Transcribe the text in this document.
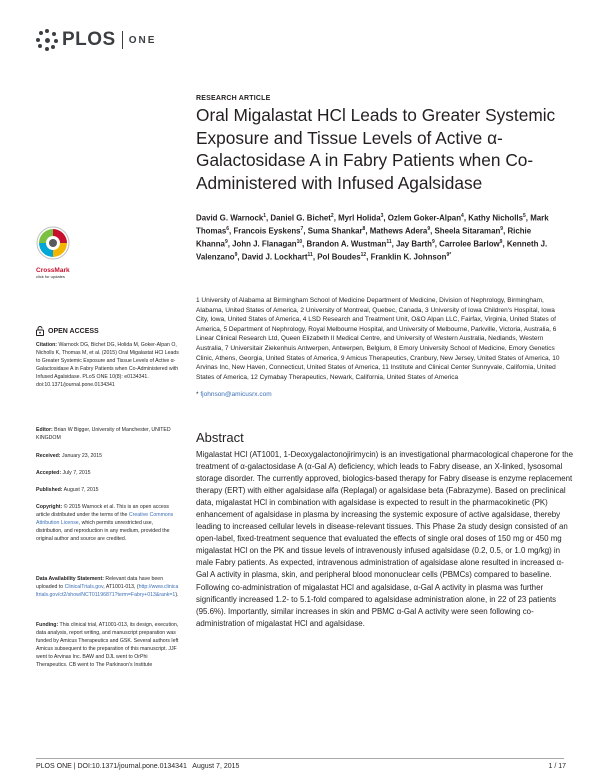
PLOS ONE
RESEARCH ARTICLE
Oral Migalastat HCl Leads to Greater Systemic Exposure and Tissue Levels of Active α-Galactosidase A in Fabry Patients when Co-Administered with Infused Agalsidase
David G. Warnock$^1$, Daniel G. Bichet$^2$, Myrl Holida$^3$, Ozlem Goker-Alpan$^4$, Kathy Nicholls$^5$, Mark Thomas$^6$, Francois Eyskens$^7$, Suma Shankar$^8$, Mathews Adera$^9$, Sheela Sitaraman$^9$, Richie Khanna$^9$, John J. Flanagan$^{10}$, Brandon A. Wustman$^{11}$, Jay Barth$^9$, Carrolee Barlow$^9$, Kenneth J. Valenzano$^9$, David J. Lockhart$^{11}$, Pol Boudes$^{12}$, Franklin K. Johnson$^{9*}$
1 University of Alabama at Birmingham School of Medicine Department of Medicine, Division of Nephrology, Birmingham, Alabama, United States of America, 2 University of Montreal, Quebec, Canada, 3 University of Iowa Children's Hospital, Iowa City, Iowa, United States of America, 4 LSD Research and Treatment Unit, O&O Alpan LLC, Fairfax, Virginia, United States of America, 5 Department of Nephrology, Royal Melbourne Hospital, and University of Melbourne, Parkville, Victoria, Australia, 6 Linear Clinical Research Ltd, Queen Elizabeth II Medical Centre, and University of Western Australia, Nedlands, Western Australia, 7 Universitair Ziekenhuis Antwerpen, Antwerpen, Belgium, 8 Emory University School of Medicine, Emory Genetics Clinic, Athens, Georgia, United States of America, 9 Amicus Therapeutics, Cranbury, New Jersey, United States of America, 10 Arvinas Inc, New Haven, Connecticut, United States of America, 11 Institute and Clinical Center Sunnyvale, California, United States of America, 12 Cymabay Therapeutics, Newark, California, United States of America
* fjohnson@amicusrx.com
Abstract

Migalastat HCl (AT1001, 1-Deoxygalactonojirimycin) is an investigational pharmacological chaperone for the treatment of α-galactosidase A (α-Gal A) deficiency, which leads to Fabry disease, an X-linked, lysosomal storage disorder. The currently approved, biologics-based therapy for Fabry disease is enzyme replacement therapy (ERT) with either agalsidase alfa (Replagal) or agalsidase beta (Fabrazyme). Based on preclinical data, migalastat HCl in combination with agalsidase is expected to result in the pharmacokinetic (PK) enhancement of agalsidase in plasma by increasing the systemic exposure of active agalsidase, thereby leading to increased cellular levels in disease-relevant tissues. This Phase 2a study design consisted of an open-label, fixed-treatment sequence that evaluated the effects of single oral doses of 150 mg or 450 mg migalastat HCl on the PK and tissue levels of intravenously infused agalsidase (0.2, 0.5, or 1.0 mg/kg) in male Fabry patients. As expected, intravenous administration of agalsidase alone resulted in increased α-Gal A activity in plasma, skin, and peripheral blood mononuclear cells (PBMCs) compared to baseline. Following co-administration of migalastat HCl and agalsidase, α-Gal A activity in plasma was further significantly increased 1.2- to 5.1-fold compared to agalsidase administration alone, in 22 of 23 patients (95.6%). Importantly, similar increases in skin and PBMC α-Gal A activity were seen following co-administration of migalastat HCl and agalsidase.

CrossMark
click for updates
OPEN ACCESS
Citation: Warnock DG, Bichet DG, Holida M, Goker-Alpan O, Nicholls K, Thomas M, et al. (2015) Oral Migalastat HCl Leads to Greater Systemic Exposure and Tissue Levels of Active α-Galactosidase A in Fabry Patients when Co-Administered with Infused Agalsidase. PLoS ONE 10(8): e0134341. doi:10.1371/journal.pone.0134341
Editor: Brian W Bigger, University of Manchester, UNITED KINGDOM
Received: January 23, 2015
Accepted: July 7, 2015
Published: August 7, 2015
Copyright: © 2015 Warnock et al. This is an open access article distributed under the terms of the Creative Commons Attribution License, which permits unrestricted use, distribution, and reproduction in any medium, provided the original author and source are credited.
Data Availability Statement: Relevant data have been uploaded to ClinicalTrials.gov, AT1001-013, (http://www.clinicaltrials.gov/ct2/show/NCT01196871?term=Fabry+013&rank=1).
Funding: This clinical trial, AT1001-013, its design, execution, data analysis, report writing, and manuscript preparation was funded by Amicus Therapeutics and GSK. Several authors left Amicus subsequent to the preparation of this manuscript. JJF went to Arvinas Inc. BAW and DJL went to OrPhi Therapeutics. CB went to The Parkinson's Institute
PLOS ONE | DOI:10.1371/journal.pone.0134341   August 7, 2015	1 / 17
